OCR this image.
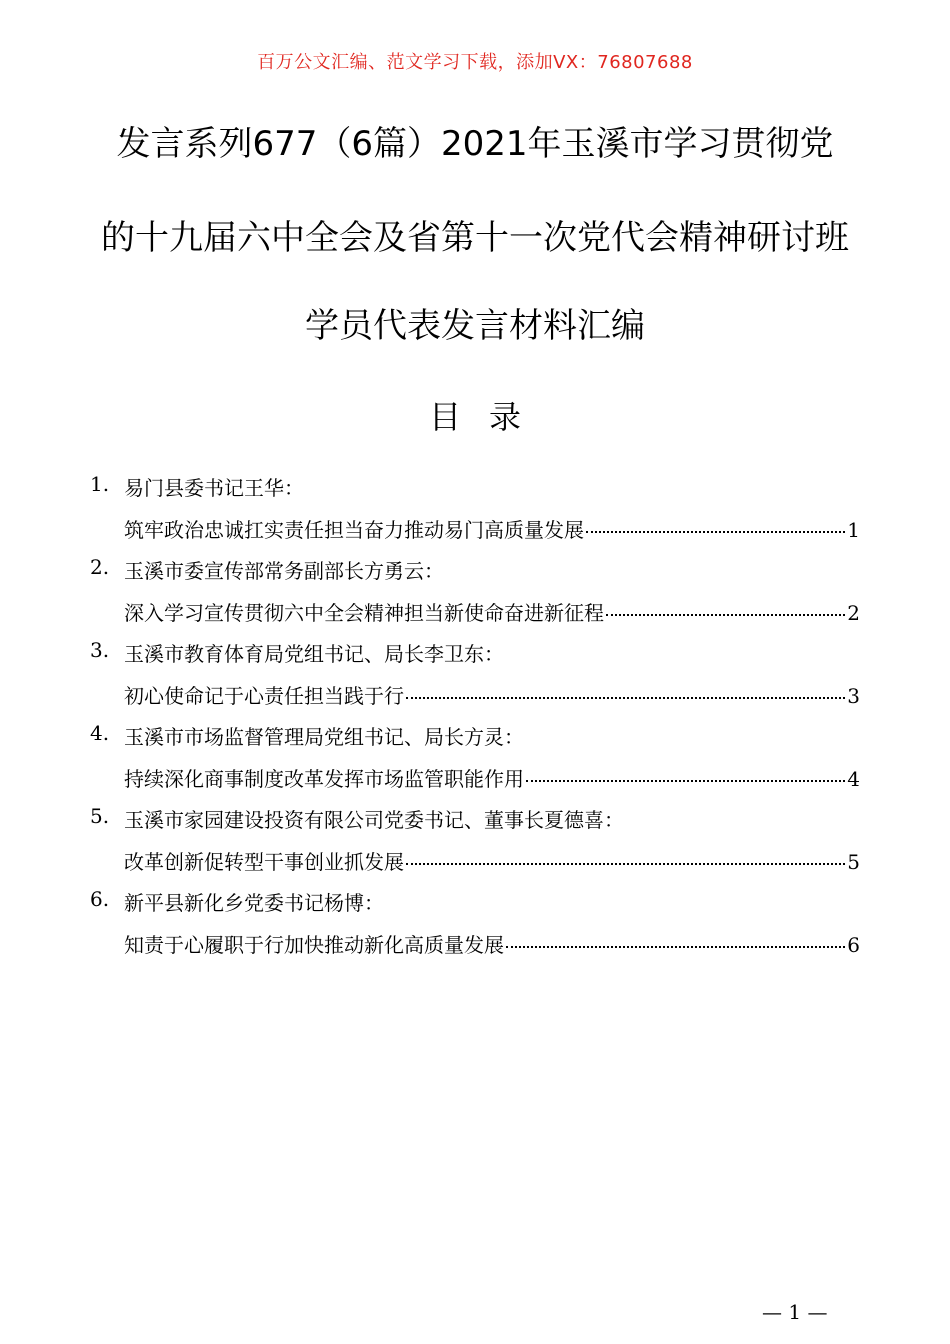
百万公文汇编、范文学习下载，添加VX：76807688
发言系列677（6篇）2021年玉溪市学习贯彻党
的十九届六中全会及省第十一次党代会精神研讨班
学员代表发言材料汇编
目 录
1. 易门县委书记王华：
筑牢政治忠诚扛实责任担当奋力推动易门高质量发展	1
2. 玉溪市委宣传部常务副部长方勇云：
深入学习宣传贯彻六中全会精神担当新使命奋进新征程	2
3. 玉溪市教育体育局党组书记、局长李卫东：
初心使命记于心责任担当践于行	3
4. 玉溪市市场监督管理局党组书记、局长方灵：
持续深化商事制度改革发挥市场监管职能作用	4
5. 玉溪市家园建设投资有限公司党委书记、董事长夏德喜：
改革创新促转型干事创业抓发展	5
6. 新平县新化乡党委书记杨博：
知责于心履职于行加快推动新化高质量发展	6
— 1 —
